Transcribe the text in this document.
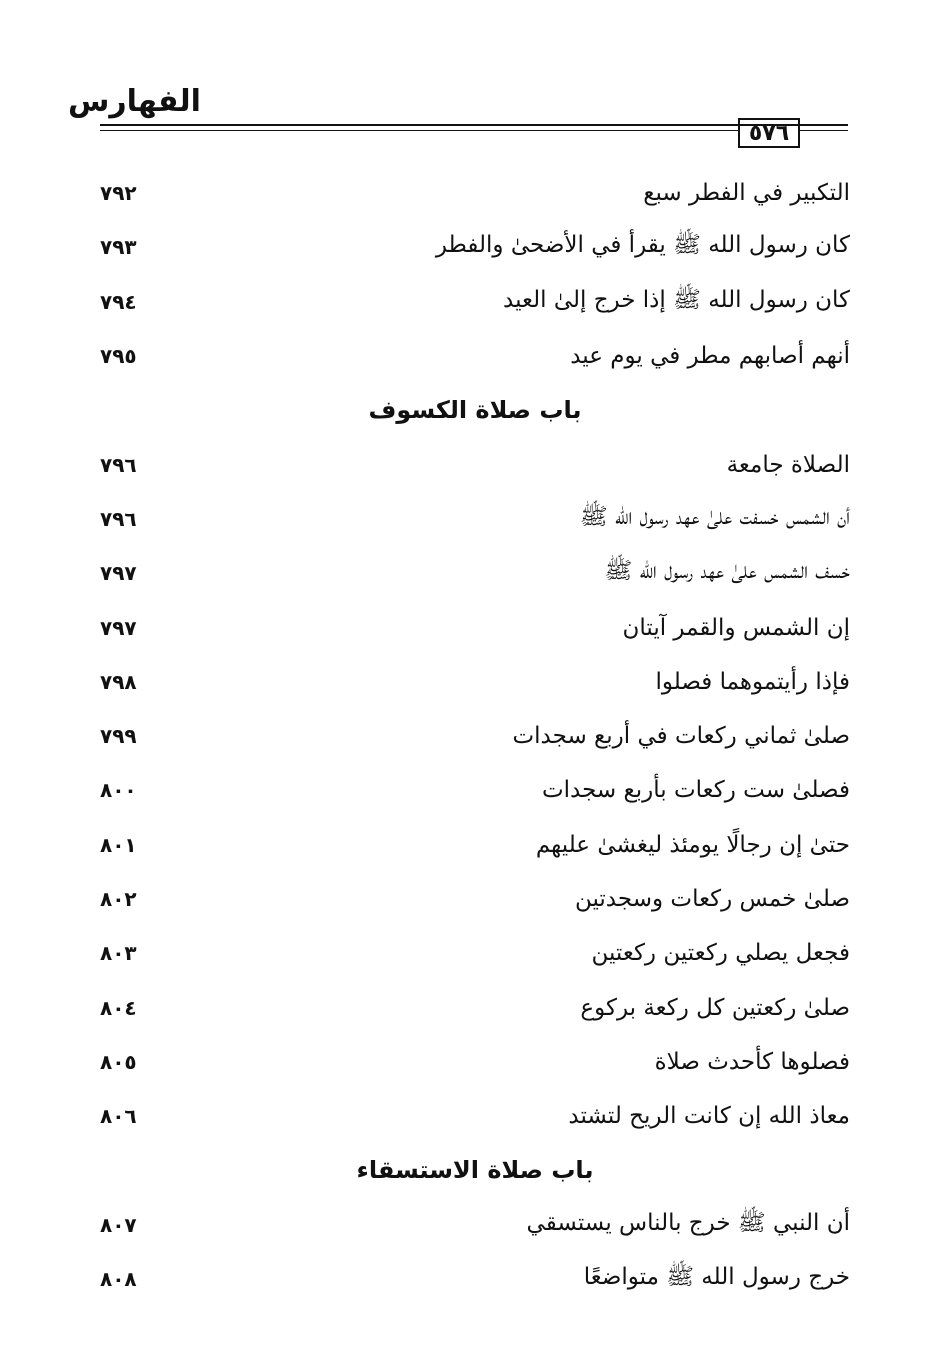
الفهارس
٥٧٦
التكبير في الفطر سبع
٧٩٢
كان رسول الله ﷺ يقرأ في الأضحىٰ والفطر
٧٩٣
كان رسول الله ﷺ إذا خرج إلىٰ العيد
٧٩٤
أنهم أصابهم مطر في يوم عيد
٧٩٥
باب صلاة الكسوف
الصلاة جامعة
٧٩٦
أن الشمس خسفت علىٰ عهد رسول الله ﷺ
٧٩٦
خسف الشمس علىٰ عهد رسول الله ﷺ
٧٩٧
إن الشمس والقمر آيتان
٧٩٧
فإذا رأيتموهما فصلوا
٧٩٨
صلىٰ ثماني ركعات في أربع سجدات
٧٩٩
فصلىٰ ست ركعات بأربع سجدات
٨٠٠
حتىٰ إن رجالًا يومئذ ليغشىٰ عليهم
٨٠١
صلىٰ خمس ركعات وسجدتين
٨٠٢
فجعل يصلي ركعتين ركعتين
٨٠٣
صلىٰ ركعتين كل ركعة بركوع
٨٠٤
فصلوها كأحدث صلاة
٨٠٥
معاذ الله إن كانت الريح لتشتد
٨٠٦
باب صلاة الاستسقاء
أن النبي ﷺ خرج بالناس يستسقي
٨٠٧
خرج رسول الله ﷺ متواضعًا
٨٠٨
